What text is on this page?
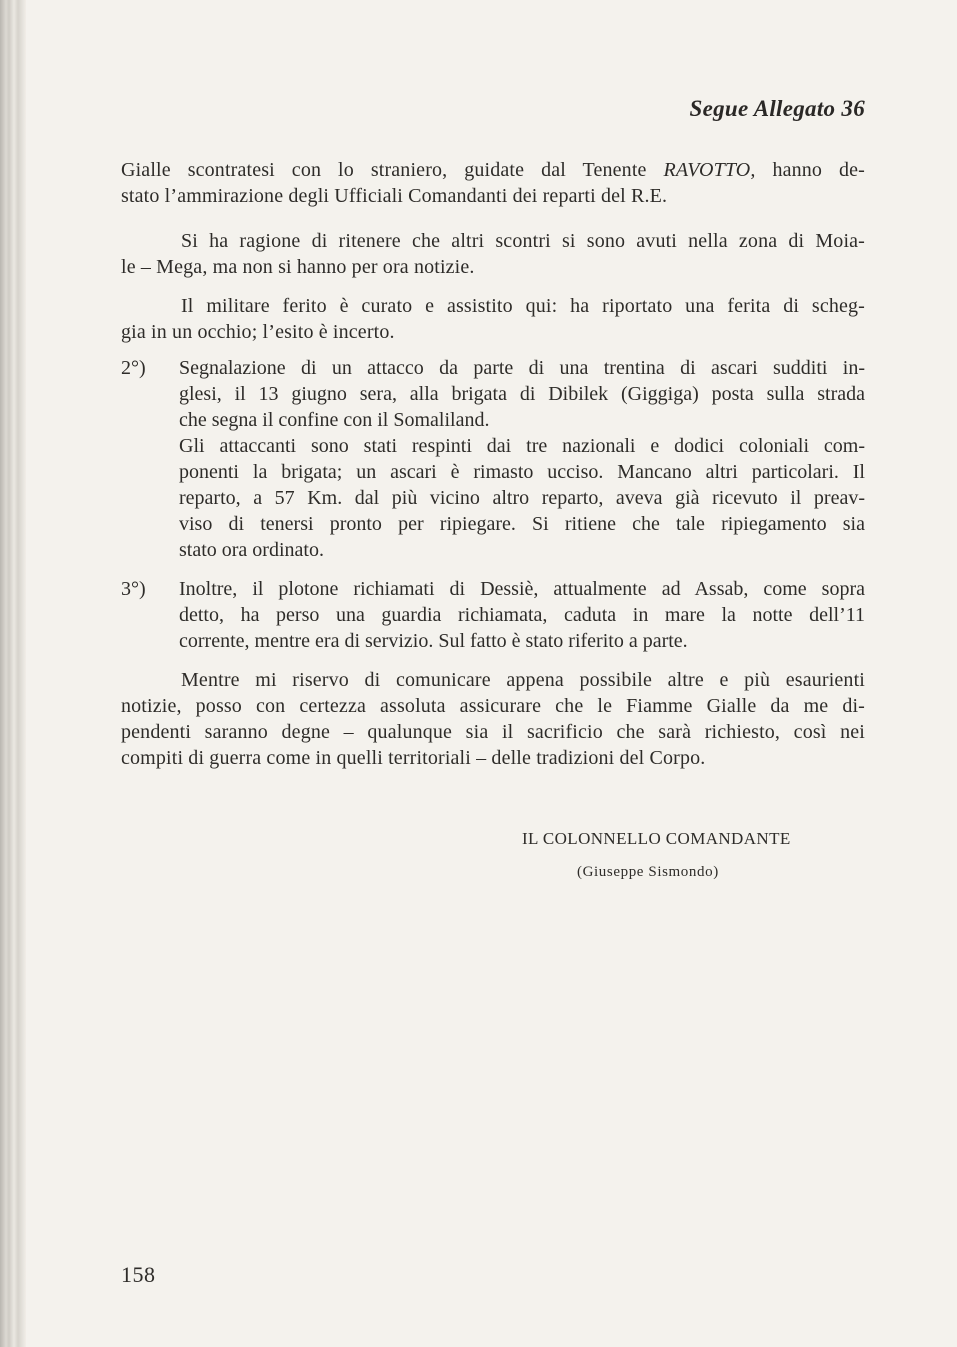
Segue Allegato 36
Gialle scontratesi con lo straniero, guidate dal Tenente RAVOTTO, hanno de-
stato l’ammirazione degli Ufficiali Comandanti dei reparti del R.E.
Si ha ragione di ritenere che altri scontri si sono avuti nella zona di Moia-
le – Mega, ma non si hanno per ora notizie.
Il militare ferito è curato e assistito qui: ha riportato una ferita di scheg-
gia in un occhio; l’esito è incerto.
2°)	Segnalazione di un attacco da parte di una trentina di ascari sudditi in-
glesi, il 13 giugno sera, alla brigata di Dibilek (Giggiga) posta sulla strada
che segna il confine con il Somaliland.
Gli attaccanti sono stati respinti dai tre nazionali e dodici coloniali com-
ponenti la brigata; un ascari è rimasto ucciso. Mancano altri particolari. Il
reparto, a 57 Km. dal più vicino altro reparto, aveva già ricevuto il preav-
viso di tenersi pronto per ripiegare. Si ritiene che tale ripiegamento sia
stato ora ordinato.
3°)	Inoltre, il plotone richiamati di Dessiè, attualmente ad Assab, come sopra
detto, ha perso una guardia richiamata, caduta in mare la notte dell’11
corrente, mentre era di servizio. Sul fatto è stato riferito a parte.
Mentre mi riservo di comunicare appena possibile altre e più esaurienti
notizie, posso con certezza assoluta assicurare che le Fiamme Gialle da me di-
pendenti saranno degne – qualunque sia il sacrificio che sarà richiesto, così nei
compiti di guerra come in quelli territoriali – delle tradizioni del Corpo.
IL COLONNELLO COMANDANTE
(Giuseppe Sismondo)
158
